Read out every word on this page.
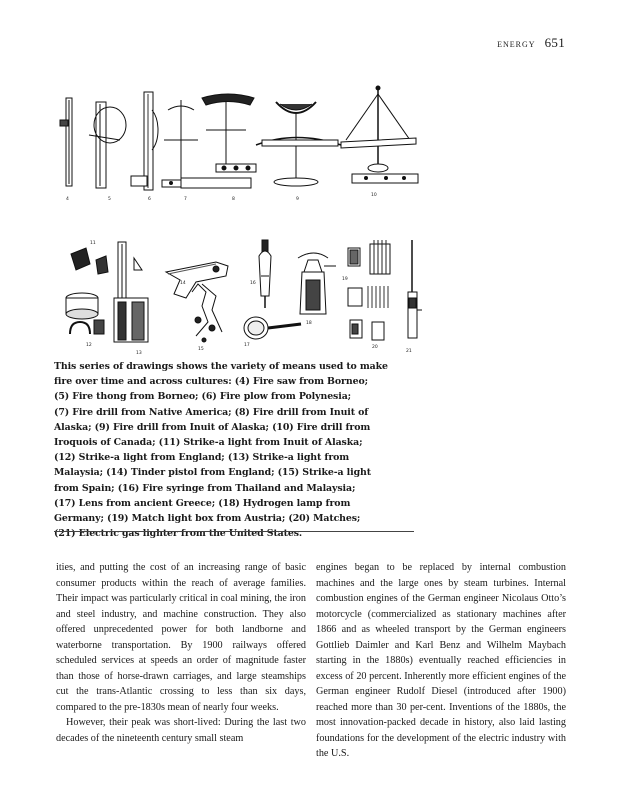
energy 651
4	5	6	7	8	9
10
11
12
13
14
15
16
17
18
19
20
21
This series of drawings shows the variety of means used to make
fire over time and across cultures: (4) Fire saw from Borneo;
(5) Fire thong from Borneo; (6) Fire plow from Polynesia;
(7) Fire drill from Native America; (8) Fire drill from Inuit of
Alaska; (9) Fire drill from Inuit of Alaska; (10) Fire drill from
Iroquois of Canada; (11) Strike-a light from Inuit of Alaska;
(12) Strike-a light from England; (13) Strike-a light from
Malaysia; (14) Tinder pistol from England; (15) Strike-a light
from Spain; (16) Fire syringe from Thailand and Malaysia;
(17) Lens from ancient Greece; (18) Hydrogen lamp from
Germany; (19) Match light box from Austria; (20) Matches;
(21) Electric gas lighter from the United States.

ities, and putting the cost of an increasing range of basic consumer products within the reach of average families. Their impact was particularly critical in coal mining, the iron and steel industry, and machine construction. They also offered unprecedented power for both landborne and waterborne transportation. By 1900 railways offered scheduled services at speeds an order of magnitude faster than those of horse-drawn carriages, and large steamships cut the trans-Atlantic crossing to less than six days, compared to the pre-1830s mean of nearly four weeks.

However, their peak was short-lived: During the last two decades of the nineteenth century small steam

engines began to be replaced by internal combustion machines and the large ones by steam turbines. Internal combustion engines of the German engineer Nicolaus Otto’s motorcycle (commercialized as stationary machines after 1866 and as wheeled transport by the German engineers Gottlieb Daimler and Karl Benz and Wilhelm Maybach starting in the 1880s) eventually reached efficiencies in excess of 20 percent. Inherently more efficient engines of the German engineer Rudolf Diesel (introduced after 1900) reached more than 30 per-cent. Inventions of the 1880s, the most innovation-packed decade in history, also laid lasting foundations for the development of the electric industry with the U.S.
